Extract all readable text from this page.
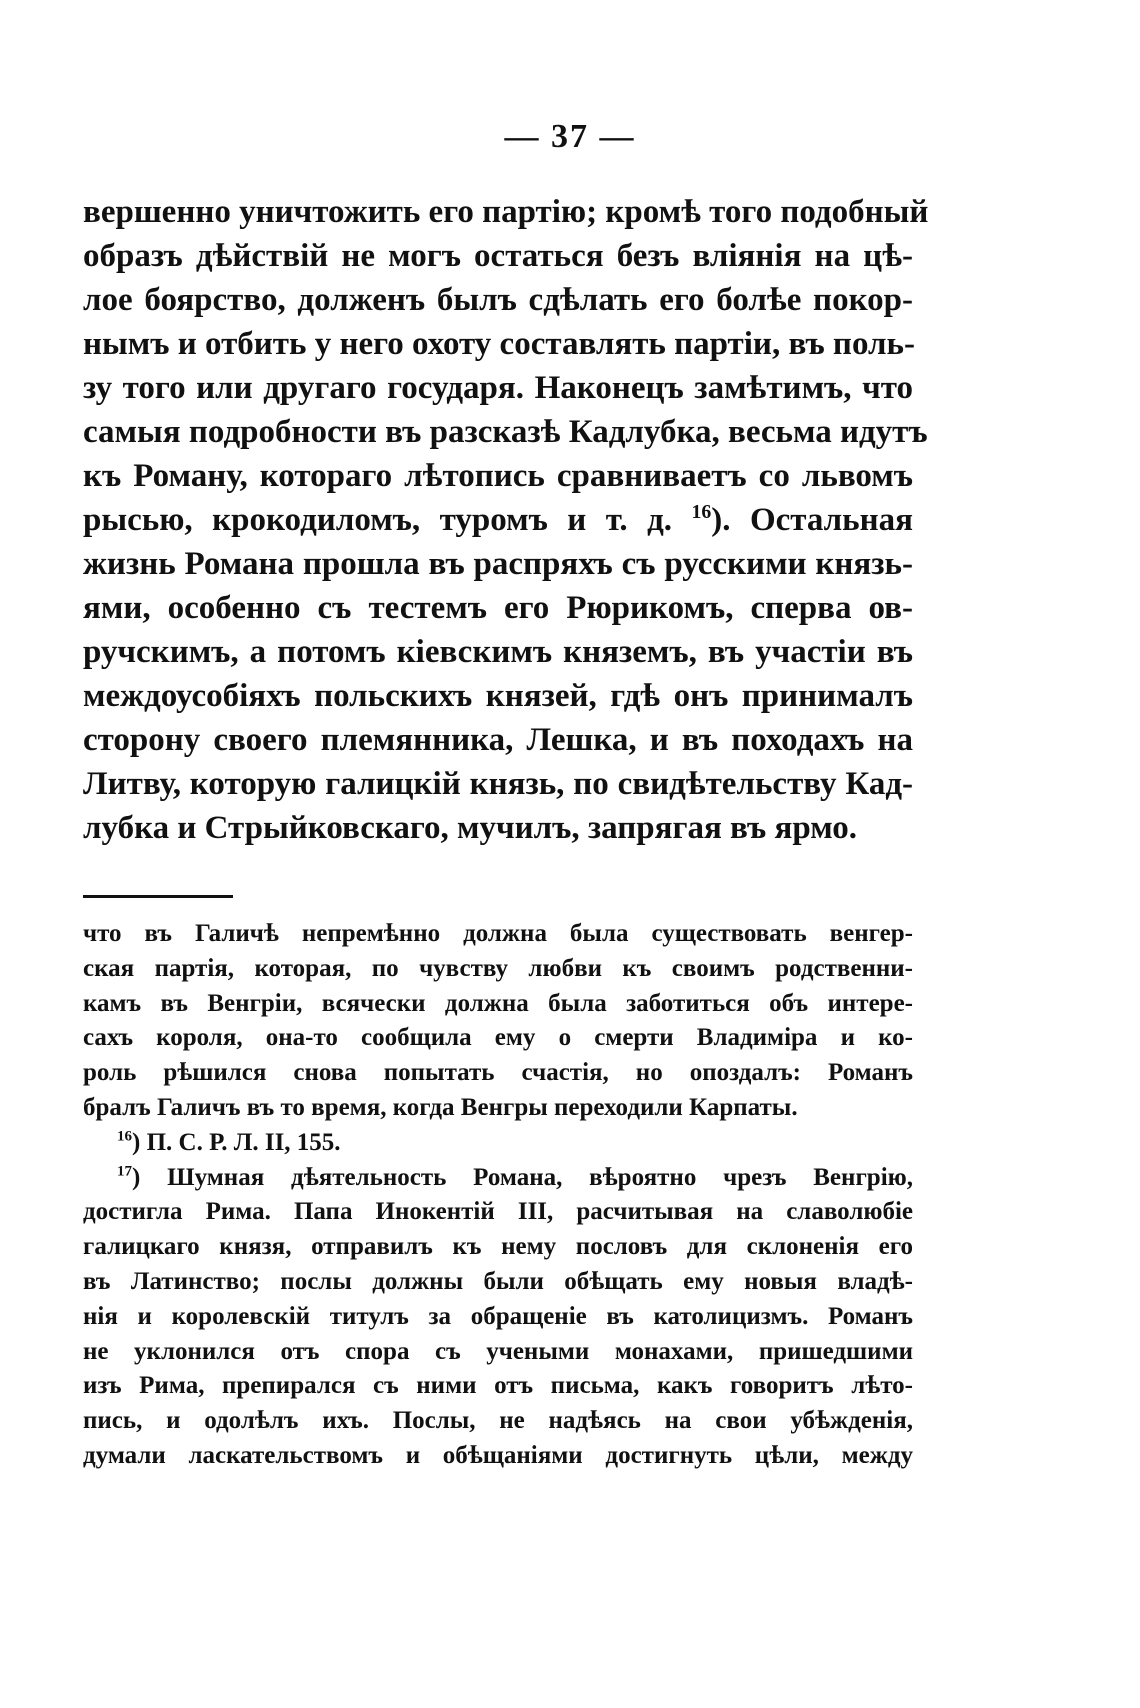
— 37 —
вершенно уничтожить его партію; кромѣ того подобный
образъ дѣйствій не могъ остаться безъ вліянія на цѣ-
лое боярство, долженъ былъ сдѣлать его болѣе покор-
нымъ и отбить у него охоту составлять партіи, въ поль-
зу того или другаго государя. Наконецъ замѣтимъ, что
самыя подробности въ разсказѣ Кадлубка, весьма идутъ
къ Роману, котораго лѣтопись сравниваетъ со львомъ
рысью, крокодиломъ, туромъ и т. д. $^{16}$). Остальная
жизнь Романа прошла въ распряхъ съ русскими князь-
ями, особенно съ тестемъ его Рюрикомъ, сперва ов-
ручскимъ, а потомъ кіевскимъ княземъ, въ участіи въ
междоусобіяхъ польскихъ князей, гдѣ онъ принималъ
сторону своего племянника, Лешка, и въ походахъ на
Литву, которую галицкій князь, по свидѣтельству Кад-
лубка и Стрыйковскаго, мучилъ, запрягая въ ярмо.
что въ Галичѣ непремѣнно должна была существовать венгер-
ская партія, которая, по чувству любви къ своимъ родственни-
камъ въ Венгріи, всячески должна была заботиться объ интере-
сахъ короля, она-то сообщила ему о смерти Владиміра и ко-
роль рѣшился снова попытать счастія, но опоздалъ: Романъ
бралъ Галичъ въ то время, когда Венгры переходили Карпаты.
$^{16}$) П. С. Р. Л. II, 155.
$^{17}$) Шумная дѣятельность Романа, вѣроятно чрезъ Венгрію,
достигла Рима. Папа Инокентій III, расчитывая на славолюбіе
галицкаго князя, отправилъ къ нему пословъ для склоненія его
въ Латинство; послы должны были обѣщать ему новыя владѣ-
нія и королевскій титулъ за обращеніе въ католицизмъ. Романъ
не уклонился отъ спора съ учеными монахами, пришедшими
изъ Рима, препирался съ ними отъ письма, какъ говоритъ лѣто-
пись, и одолѣлъ ихъ. Послы, не надѣясь на свои убѣжденія,
думали ласкательствомъ и обѣщаніями достигнуть цѣли, между
